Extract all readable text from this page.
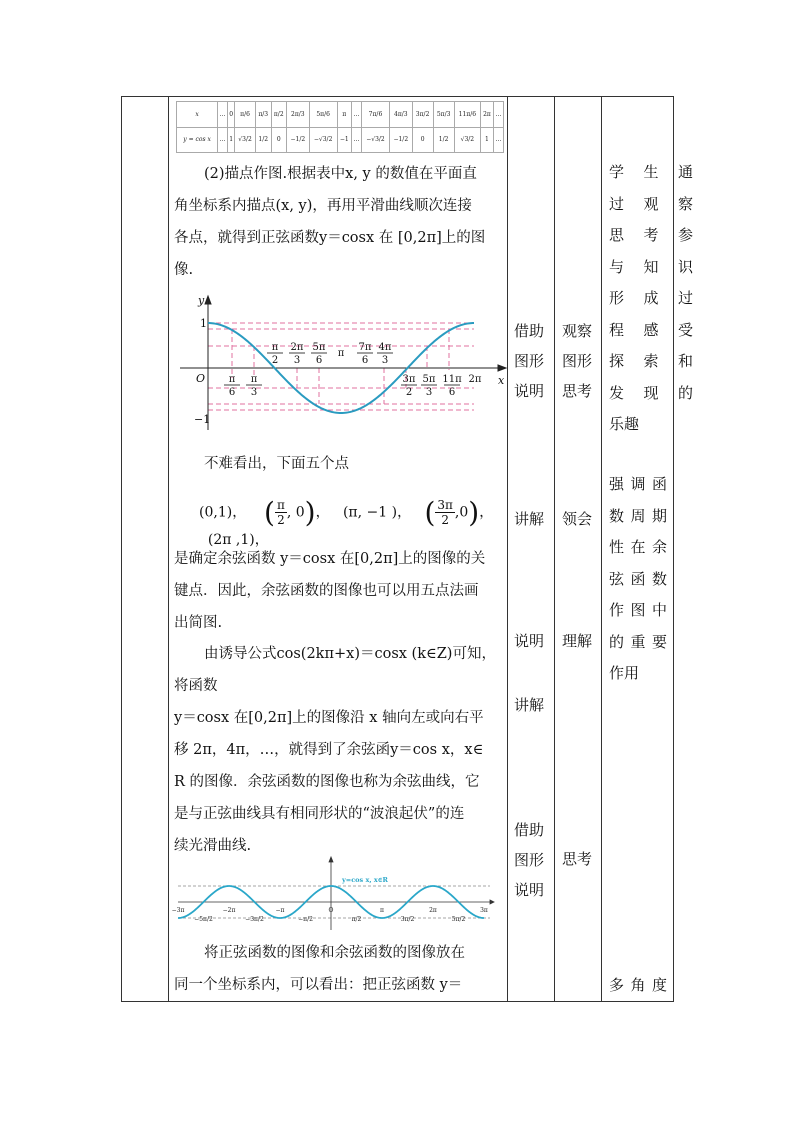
x	…	0	π/6	π/3	π/2	2π/3	5π/6	π	…	7π/6	4π/3	3π/2	5π/3	11π/6	2π	…
y = cos x	…	1	√3/2	1/2	0	−1/2	−√3/2	−1	…	−√3/2	−1/2	0	1/2	√3/2	1	…
(2)描点作图.根据表中x, y 的数值在平面直
角坐标系内描点(x, y)，再用平滑曲线顺次连接
各点，就得到正弦函数y＝cosx 在 [0,2π]上的图
像.
y
x
O
1
−1
π
2
2π
3
5π
6
π
7π
6
4π
3
π
6
π
3
3π
2
5π
3
11π
6
2π
不难看出，下面五个点
(0,1)， ( $\frac{\pi}{2}$ , 0)，   (π, −1 )， ( $\frac{3\pi}{2} ,0$)，   (2π ,1)，
是确定余弦函数 y＝cosx 在[0,2π]上的图像的关
键点．因此，余弦函数的图像也可以用五点法画
出简图.
由诱导公式cos(2kπ+x)＝cosx (k∈Z)可知，
将函数
y＝cosx 在[0,2π]上的图像沿 x 轴向左或向右平
移 2π，4π，…，就得到了余弦函y＝cos x，x∈
R 的图像．余弦函数的图像也称为余弦曲线，它
是与正弦曲线具有相同形状的“波浪起伏”的连
续光滑曲线.
y=cos x, x∈R
−3π
−5π/2
−2π
−3π/2
−π
−π/2
O
π/2
π
3π/2
2π
5π/2
3π
将正弦函数的图像和余弦函数的图像放在
同一个坐标系内，可以看出：把正弦函数 y＝
借助
图形
说明
讲解
说明
讲解
借助
图形
说明
观察
图形
思考
领会
理解
思考
学生通
过观察
思考参
与知识
形成过
程感受
探索和
发现的
乐趣
强调函
数周期
性在余
弦函数
作图中
的重要
作用
多角度
